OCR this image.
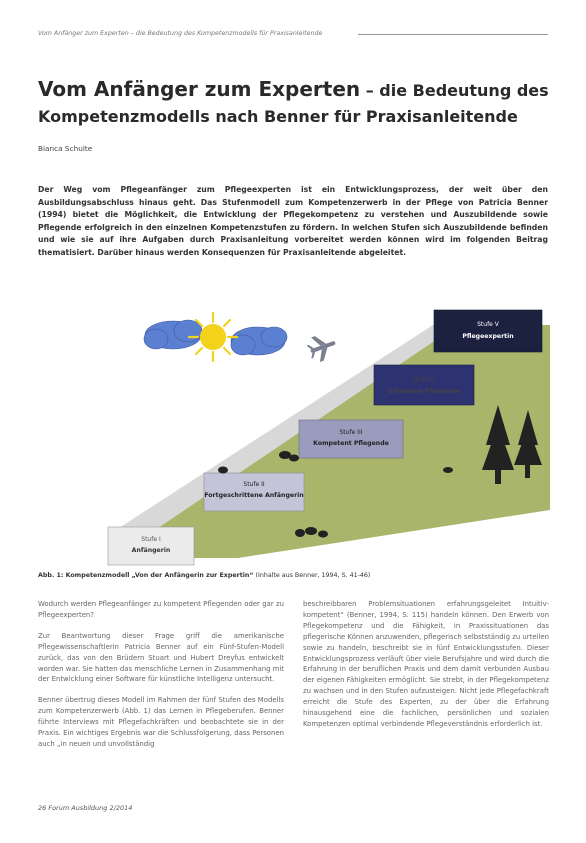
Vom Anfänger zum Experten – die Bedeutung des Kompetenzmodells für Praxisanleitende
Vom Anfänger zum Experten – die Bedeutung des
Kompetenzmodells nach Benner für Praxisanleitende
Bianca Schulte
Der Weg vom Pflegeanfänger zum Pflegeexperten ist ein Entwicklungsprozess, der weit über den Ausbildungsabschluss hinaus geht. Das Stufenmodell zum Kompetenzerwerb in der Pflege von Patricia Benner (1994) bietet die Möglichkeit, die Entwicklung der Pflegekompetenz zu verstehen und Auszubildende sowie Pflegende erfolgreich in den einzelnen Kompetenzstufen zu fördern. In welchen Stufen sich Auszubildende befinden und wie sie auf ihre Aufgaben durch Praxisanleitung vorbereitet werden können wird im folgenden Beitrag thematisiert. Darüber hinaus werden Konsequenzen für Praxisanleitende abgeleitet.
Stufe I
Anfängerin
Stufe II
Fortgeschrittene Anfängerin
Stufe III
Kompetent Pflegende
Stufe IV
Erfahrene Pflegende
Stufe V
Pflegeexpertin
Abb. 1: Kompetenzmodell „Von der Anfängerin zur Expertin“ (Inhalte aus Benner, 1994, S. 41-46)

Wodurch werden Pflegeanfänger zu kompetent Pflegenden oder gar zu Pflegeexperten?

Zur Beantwortung dieser Frage griff die amerikanische Pflegewissenschaftlerin Patricia Benner auf ein Fünf-Stufen-Modell zurück, das von den Brüdern Stuart und Hubert Dreyfus entwickelt worden war. Sie hatten das menschliche Lernen in Zusammenhang mit der Entwicklung einer Software für künstliche Intelligenz untersucht.

Benner übertrug dieses Modell im Rahmen der fünf Stufen des Modells zum Kompetenzerwerb (Abb. 1) das Lernen in Pflegeberufen. Benner führte Interviews mit Pflegefachkräften und beobachtete sie in der Praxis. Ein wichtiges Ergebnis war die Schlussfolgerung, dass Personen auch „in neuen und unvollständig

beschreibbaren Problemsituationen erfahrungsgeleitet Intuitiv-kompetent“ (Benner, 1994, S. 115) handeln können. Den Erwerb von Pflegekompetenz und die Fähigkeit, in Praxissituationen das pflegerische Können anzuwenden, pflegerisch selbstständig zu urteilen sowie zu handeln, beschreibt sie in fünf Entwicklungsstufen. Dieser Entwicklungsprozess verläuft über viele Berufsjahre und wird durch die Erfahrung in der beruflichen Praxis und dem damit verbunden Ausbau der eigenen Fähigkeiten ermöglicht. Sie strebt, in der Pflegekompetenz zu wachsen und in den Stufen aufzusteigen. Nicht jede Pflegefachkraft erreicht die Stufe des Experten, zu der über die Erfahrung hinausgehend eine die fachlichen, persönlichen und sozialen Kompetenzen optimal verbindende Pflegeverständnis erforderlich ist.

26 Forum Ausbildung 2/2014
